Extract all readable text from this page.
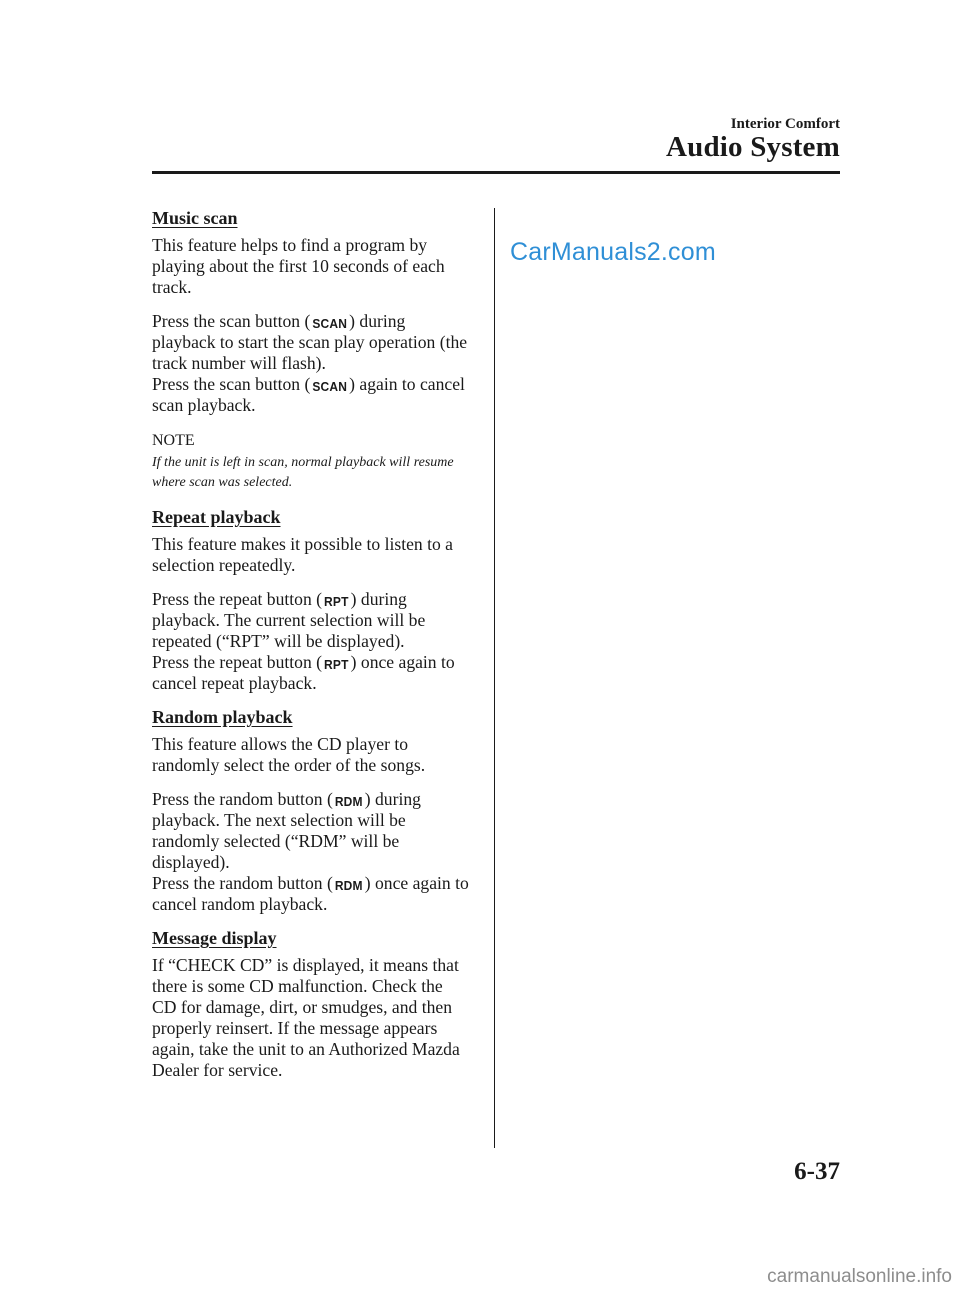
Interior Comfort
Audio System
CarManuals2.com
Music scan

This feature helps to find a program by playing about the first 10 seconds of each track.

Press the scan button ( SCAN ) during playback to start the scan play operation (the track number will flash).

Press the scan button ( SCAN ) again to cancel scan playback.

NOTE

If the unit is left in scan, normal playback will resume where scan was selected.

Repeat playback

This feature makes it possible to listen to a selection repeatedly.

Press the repeat button ( RPT ) during playback. The current selection will be repeated (“RPT” will be displayed).

Press the repeat button ( RPT ) once again to cancel repeat playback.

Random playback

This feature allows the CD player to randomly select the order of the songs.

Press the random button ( RDM ) during playback. The next selection will be randomly selected (“RDM” will be displayed).

Press the random button ( RDM ) once again to cancel random playback.

Message display

If “CHECK CD” is displayed, it means that there is some CD malfunction. Check the CD for damage, dirt, or smudges, and then properly reinsert. If the message appears again, take the unit to an Authorized Mazda Dealer for service.

6-37
carmanualsonline.info
